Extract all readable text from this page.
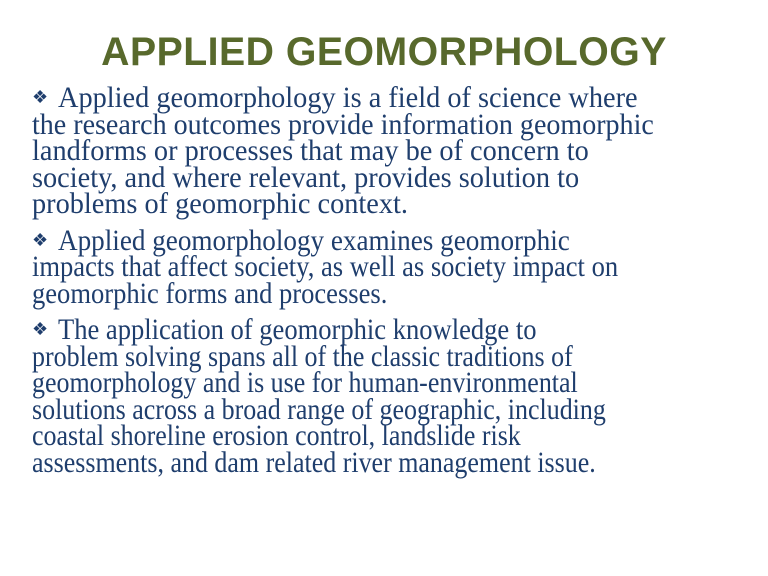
APPLIED GEOMORPHOLOGY
❖ Applied geomorphology is a field of science where
the research outcomes provide information geomorphic
landforms or processes that may be of concern to
society, and where relevant, provides solution to
problems of geomorphic context.
❖ Applied geomorphology examines geomorphic
impacts that affect society, as well as society impact on
geomorphic forms and processes.
❖ The application of geomorphic knowledge to
problem solving spans all of the classic traditions of
geomorphology and is use for human-environmental
solutions across a broad range of geographic, including
coastal shoreline erosion control, landslide risk
assessments, and dam related river management issue.
